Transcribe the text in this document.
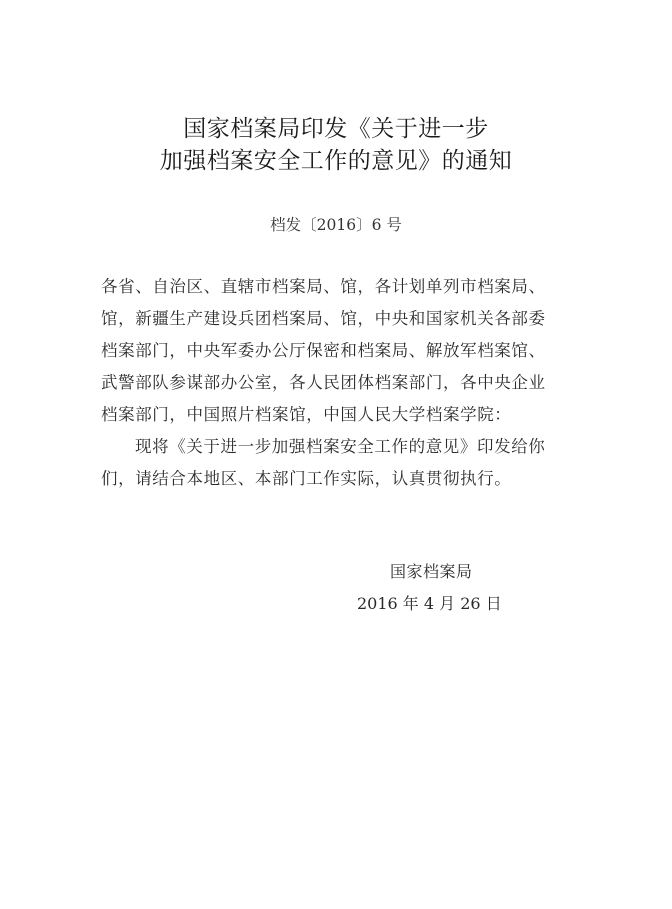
国家档案局印发《关于进一步
加强档案安全工作的意见》的通知
档发〔2016〕6 号
各省、自治区、直辖市档案局、馆，各计划单列市档案局、
馆，新疆生产建设兵团档案局、馆，中央和国家机关各部委
档案部门，中央军委办公厅保密和档案局、解放军档案馆、
武警部队参谋部办公室，各人民团体档案部门，各中央企业
档案部门，中国照片档案馆，中国人民大学档案学院：
现将《关于进一步加强档案安全工作的意见》印发给你
们，请结合本地区、本部门工作实际，认真贯彻执行。
国家档案局
2016 年 4 月 26 日
